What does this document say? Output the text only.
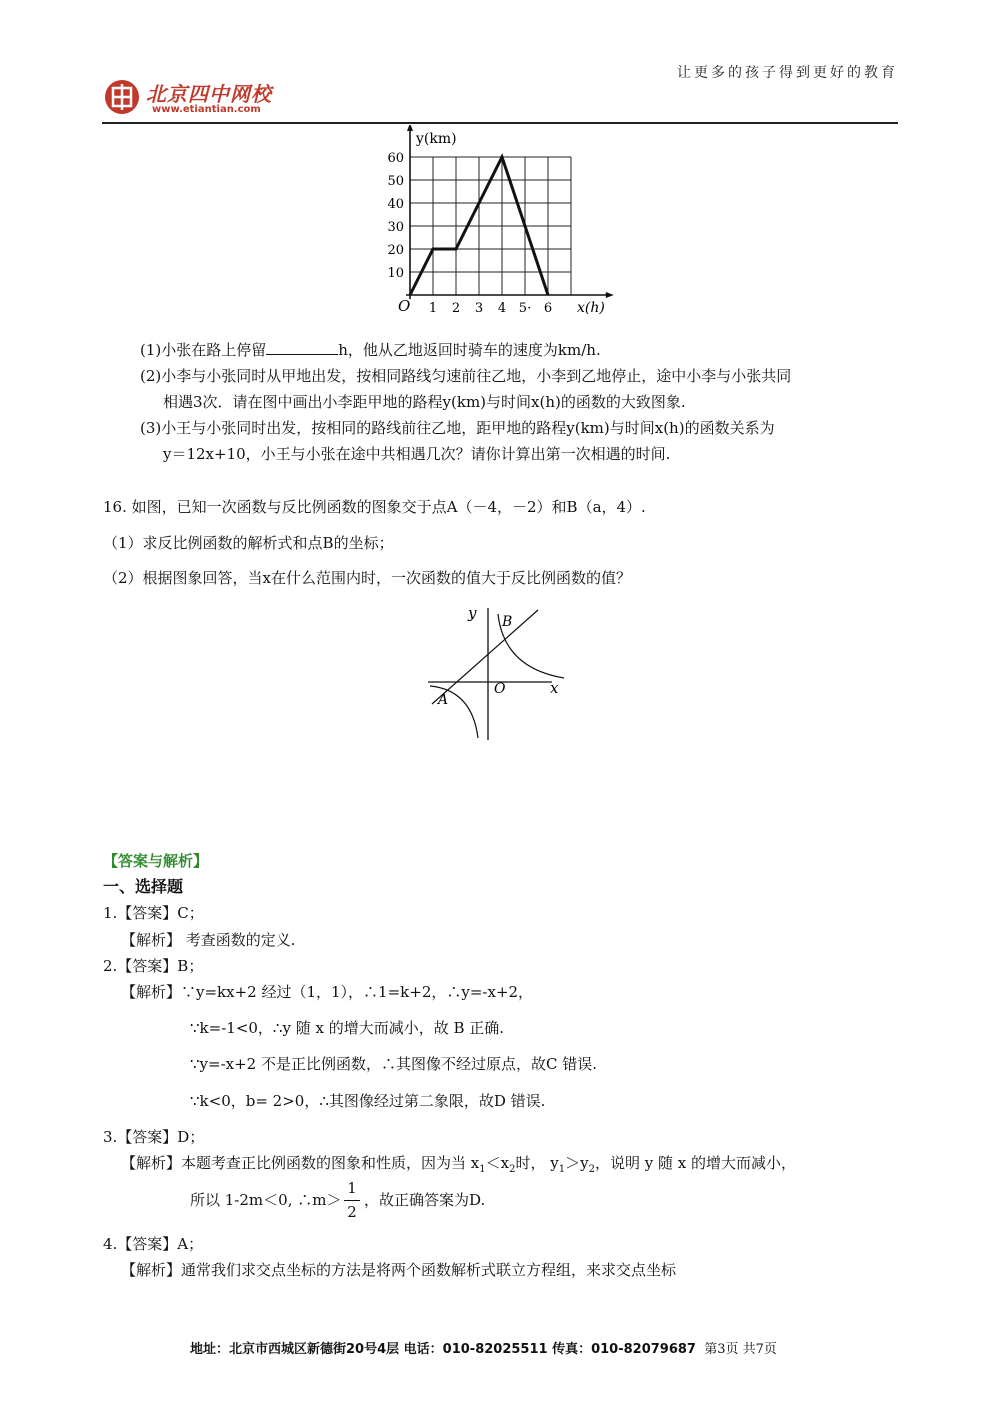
北京四中网校
www.etiantian.com
让更多的孩子得到更好的教育
10
20
30
40
50
60
1 2 3 4 5· 6
O
y(km)
x(h)
(1)小张在路上停留	h，他从乙地返回时骑车的速度为km/h.
(2)小李与小张同时从甲地出发，按相同路线匀速前往乙地，小李到乙地停止，途中小李与小张共同
相遇3次．请在图中画出小李距甲地的路程y(km)与时间x(h)的函数的大致图象.
(3)小王与小张同时出发，按相同的路线前往乙地，距甲地的路程y(km)与时间x(h)的函数关系为
y＝12x+10，小王与小张在途中共相遇几次？请你计算出第一次相遇的时间.
16. 如图，已知一次函数与反比例函数的图象交于点A（－4，－2）和B（a，4）.
（1）求反比例函数的解析式和点B的坐标；
（2）根据图象回答，当x在什么范围内时，一次函数的值大于反比例函数的值？
y
x
O
A
B
【答案与解析】
一、选择题
1.【答案】C；
【解析】 考查函数的定义.
2.【答案】B；
【解析】∵y=kx+2 经过（1，1），∴1=k+2，∴y=-x+2，
∵k=-1<0，∴y 随 x 的增大而减小，故 B 正确.
∵y=-x+2 不是正比例函数，∴其图像不经过原点，故C 错误.
∵k<0，b= 2>0，∴其图像经过第二象限，故D 错误.
3.【答案】D；
【解析】本题考查正比例函数的图象和性质，因为当 $x_1<x_2$时， $y_1>y_2$，说明 y 随 x 的增大而减小，
所以 1-2m＜0, ∴m＞
1
2
，故正确答案为D.
4.【答案】A；
【解析】通常我们求交点坐标的方法是将两个函数解析式联立方程组，来求交点坐标
地址：北京市西城区新德街20号4层 电话：010-82025511 传真：010-82079687 第3页 共7页
